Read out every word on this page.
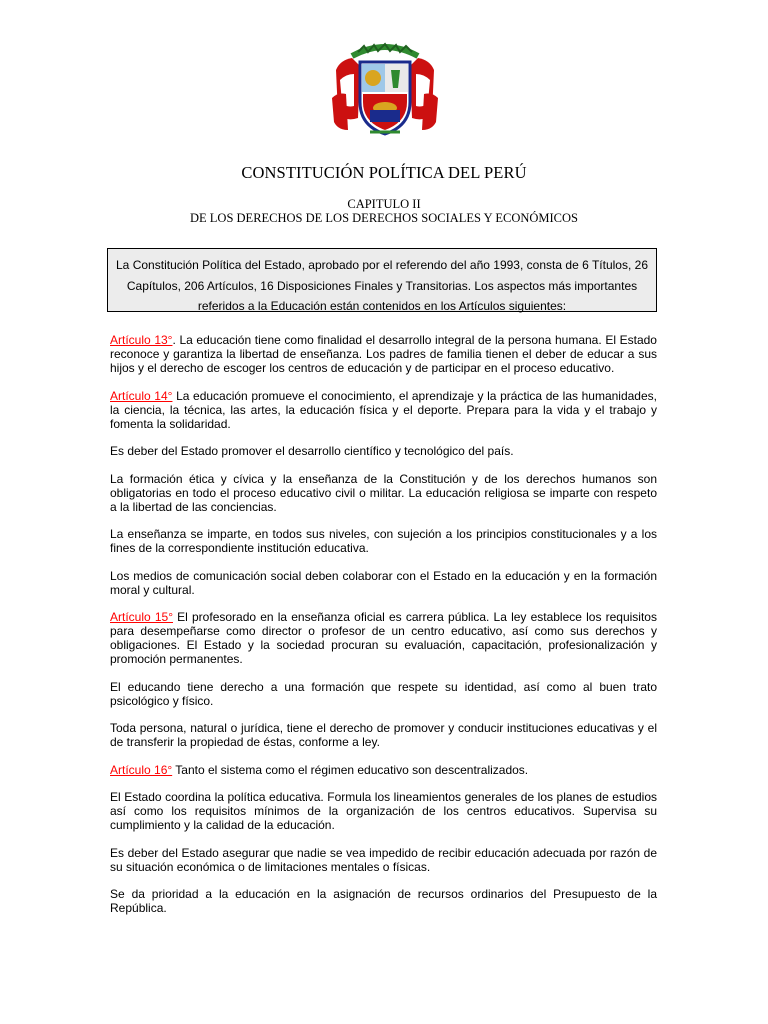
CONSTITUCIÓN POLÍTICA DEL PERÚ
CAPITULO II
DE LOS DERECHOS DE LOS DERECHOS SOCIALES Y ECONÓMICOS
La Constitución Política del Estado, aprobado por el referendo del año 1993, consta de 6 Títulos, 26
Capítulos, 206 Artículos, 16 Disposiciones Finales y Transitorias. Los aspectos más importantes
referidos a la Educación están contenidos en los Artículos siguientes:

Artículo 13°. La educación tiene como finalidad el desarrollo integral de la persona humana. El Estado reconoce y garantiza la libertad de enseñanza. Los padres de familia tienen el deber de educar a sus hijos y el derecho de escoger los centros de educación y de participar en el proceso educativo.

Artículo 14° La educación promueve el conocimiento, el aprendizaje y la práctica de las humanidades, la ciencia, la técnica, las artes, la educación física y el deporte. Prepara para la vida y el trabajo y fomenta la solidaridad.

Es deber del Estado promover el desarrollo científico y tecnológico del país.

La formación ética y cívica y la enseñanza de la Constitución y de los derechos humanos son obligatorias en todo el proceso educativo civil o militar. La educación religiosa se imparte con respeto a la libertad de las conciencias.

La enseñanza se imparte, en todos sus niveles, con sujeción a los principios constitucionales y a los fines de la correspondiente institución educativa.

Los medios de comunicación social deben colaborar con el Estado en la educación y en la formación moral y cultural.

Artículo 15° El profesorado en la enseñanza oficial es carrera pública. La ley establece los requisitos para desempeñarse como director o profesor de un centro educativo, así como sus derechos y obligaciones. El Estado y la sociedad procuran su evaluación, capacitación, profesionalización y promoción permanentes.

El educando tiene derecho a una formación que respete su identidad, así como al buen trato psicológico y físico.

Toda persona, natural o jurídica, tiene el derecho de promover y conducir instituciones educativas y el de transferir la propiedad de éstas, conforme a ley.

Artículo 16° Tanto el sistema como el régimen educativo son descentralizados.

El Estado coordina la política educativa. Formula los lineamientos generales de los planes de estudios así como los requisitos mínimos de la organización de los centros educativos. Supervisa su cumplimiento y la calidad de la educación.

Es deber del Estado asegurar que nadie se vea impedido de recibir educación adecuada por razón de su situación económica o de limitaciones mentales o físicas.

Se da prioridad a la educación en la asignación de recursos ordinarios del Presupuesto de la República.
